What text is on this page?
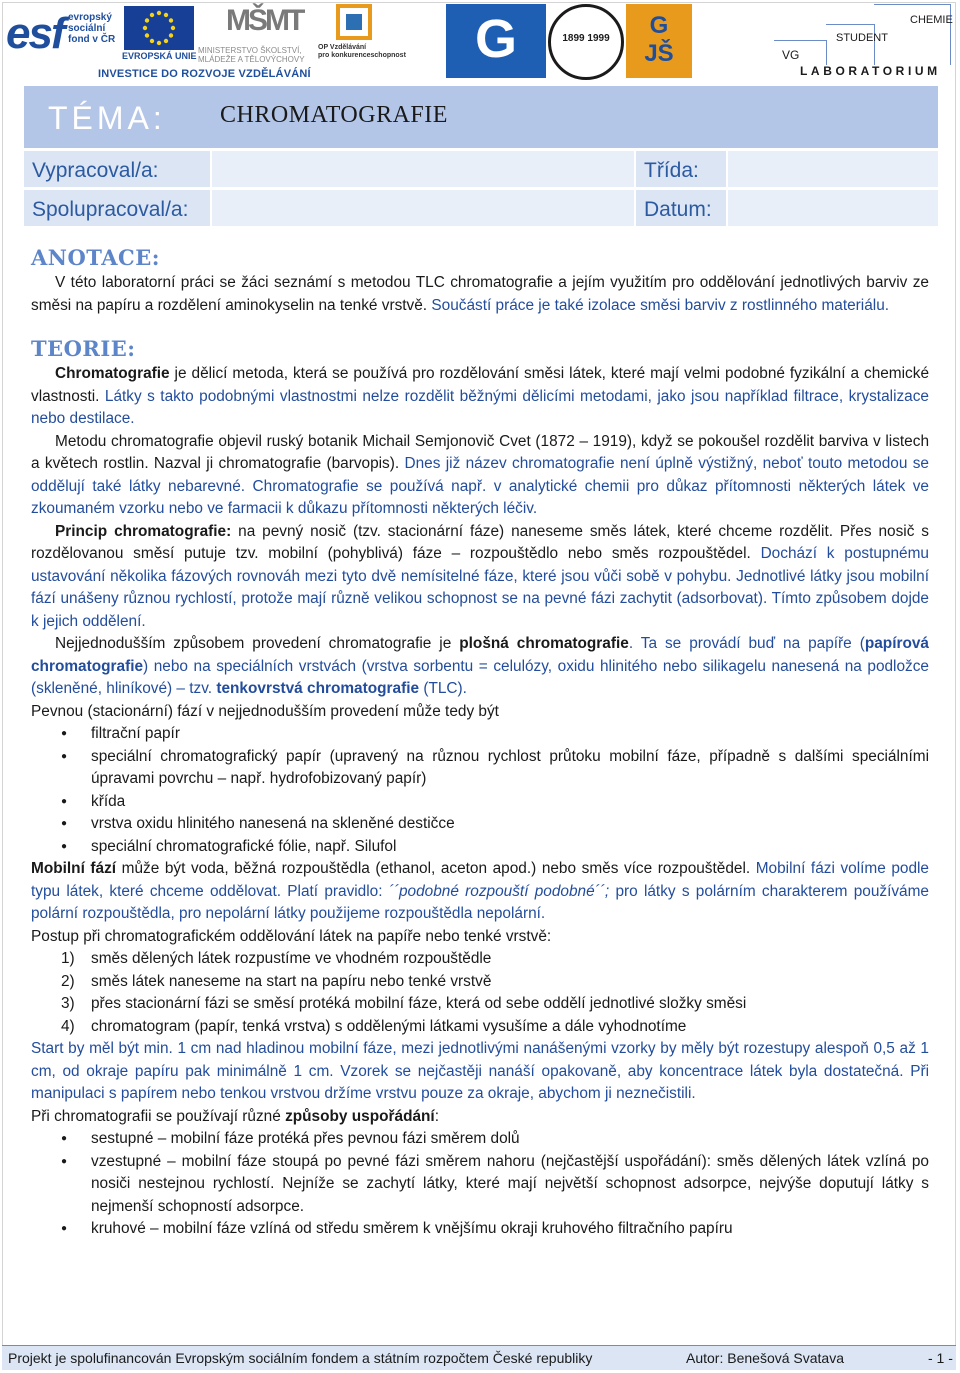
esf evropský
sociální
fond v ČR
EVROPSKÁ UNIE
MŠMT
MINISTERSTVO ŠKOLSTVÍ,
MLÁDEŽE A TĚLOVÝCHOVY
OP Vzdělávání
pro konkurenceschopnost
INVESTICE DO ROZVOJE VZDĚLÁVÁNÍ
G	1899 1999	G
JŠ	VG
STUDENT
CHEMIE
LABORATORIUM
TÉMA: CHROMATOGRAFIE
Vypracoval/a:	Třída:
Spolupracoval/a:	Datum:
ANOTACE:

V této laboratorní práci se žáci seznámí s metodou TLC chromatografie a jejím využitím pro oddělování jednotlivých barviv ze směsi na papíru a rozdělení aminokyselin na tenké vrstvě. Součástí práce je také izolace směsi barviv z rostlinného materiálu.

TEORIE:

Chromatografie je dělicí metoda, která se používá pro rozdělování směsi látek, které mají velmi podobné fyzikální a chemické vlastnosti. Látky s takto podobnými vlastnostmi nelze rozdělit běžnými dělicími metodami, jako jsou například filtrace, krystalizace nebo destilace.

Metodu chromatografie objevil ruský botanik Michail Semjonovič Cvet (1872 – 1919), když se pokoušel rozdělit barviva v listech a květech rostlin. Nazval ji chromatografie (barvopis). Dnes již název chromatografie není úplně výstižný, neboť touto metodou se oddělují také látky nebarevné. Chromatografie se používá např. v analytické chemii pro důkaz přítomnosti některých látek ve zkoumaném vzorku nebo ve farmacii k důkazu přítomnosti některých léčiv.

Princip chromatografie: na pevný nosič (tzv. stacionární fáze) naneseme směs látek, které chceme rozdělit. Přes nosič s rozdělovanou směsí putuje tzv. mobilní (pohyblivá) fáze – rozpouštědlo nebo směs rozpouštědel. Dochází k postupnému ustavování několika fázových rovnováh mezi tyto dvě nemísitelné fáze, které jsou vůči sobě v pohybu. Jednotlivé látky jsou mobilní fází unášeny různou rychlostí, protože mají různě velikou schopnost se na pevné fázi zachytit (adsorbovat). Tímto způsobem dojde k jejich oddělení.

Nejjednodušším způsobem provedení chromatografie je plošná chromatografie. Ta se provádí buď na papíře (papírová chromatografie) nebo na speciálních vrstvách (vrstva sorbentu = celulózy, oxidu hlinitého nebo silikagelu nanesená na podložce (skleněné, hliníkové) – tzv. tenkovrstvá chromatografie (TLC).

Pevnou (stacionární) fází v nejjednodušším provedení může tedy být

● filtrační papír
● speciální chromatografický papír (upravený na různou rychlost průtoku mobilní fáze, případně s dalšími speciálními úpravami povrchu – např. hydrofobizovaný papír)
● křída
● vrstva oxidu hlinitého nanesená na skleněné destičce
● speciální chromatografické fólie, např. Silufol

Mobilní fází může být voda, běžná rozpouštědla (ethanol, aceton apod.) nebo směs více rozpouštědel. Mobilní fázi volíme podle typu látek, které chceme oddělovat. Platí pravidlo: ´´podobné rozpouští podobné´´; pro látky s polárním charakterem používáme polární rozpouštědla, pro nepolární látky použijeme rozpouštědla nepolární.

Postup při chromatografickém oddělování látek na papíře nebo tenké vrstvě:

1) směs dělených látek rozpustíme ve vhodném rozpouštědle
2) směs látek naneseme na start na papíru nebo tenké vrstvě
3) přes stacionární fázi se směsí protéká mobilní fáze, která od sebe oddělí jednotlivé složky směsi
4) chromatogram (papír, tenká vrstva) s oddělenými látkami vysušíme a dále vyhodnotíme

Start by měl být min. 1 cm nad hladinou mobilní fáze, mezi jednotlivými nanášenými vzorky by měly být rozestupy alespoň 0,5 až 1 cm, od okraje papíru pak minimálně 1 cm. Vzorek se nejčastěji nanáší opakovaně, aby koncentrace látek byla dostatečná. Při manipulaci s papírem nebo tenkou vrstvou držíme vrstvu pouze za okraje, abychom ji neznečistili.

Při chromatografii se používají různé způsoby uspořádání:

● sestupné – mobilní fáze protéká přes pevnou fázi směrem dolů
● vzestupné – mobilní fáze stoupá po pevné fázi směrem nahoru (nejčastější uspořádání): směs dělených látek vzlíná po nosiči nestejnou rychlostí. Nejníže se zachytí látky, které mají největší schopnost adsorpce, nejvýše doputují látky s nejmenší schopností adsorpce.
● kruhové – mobilní fáze vzlíná od středu směrem k vnějšímu okraji kruhového filtračního papíru
Projekt je spolufinancován Evropským sociálním fondem a státním rozpočtem České republiky	Autor: Benešová Svatava	- 1 -
